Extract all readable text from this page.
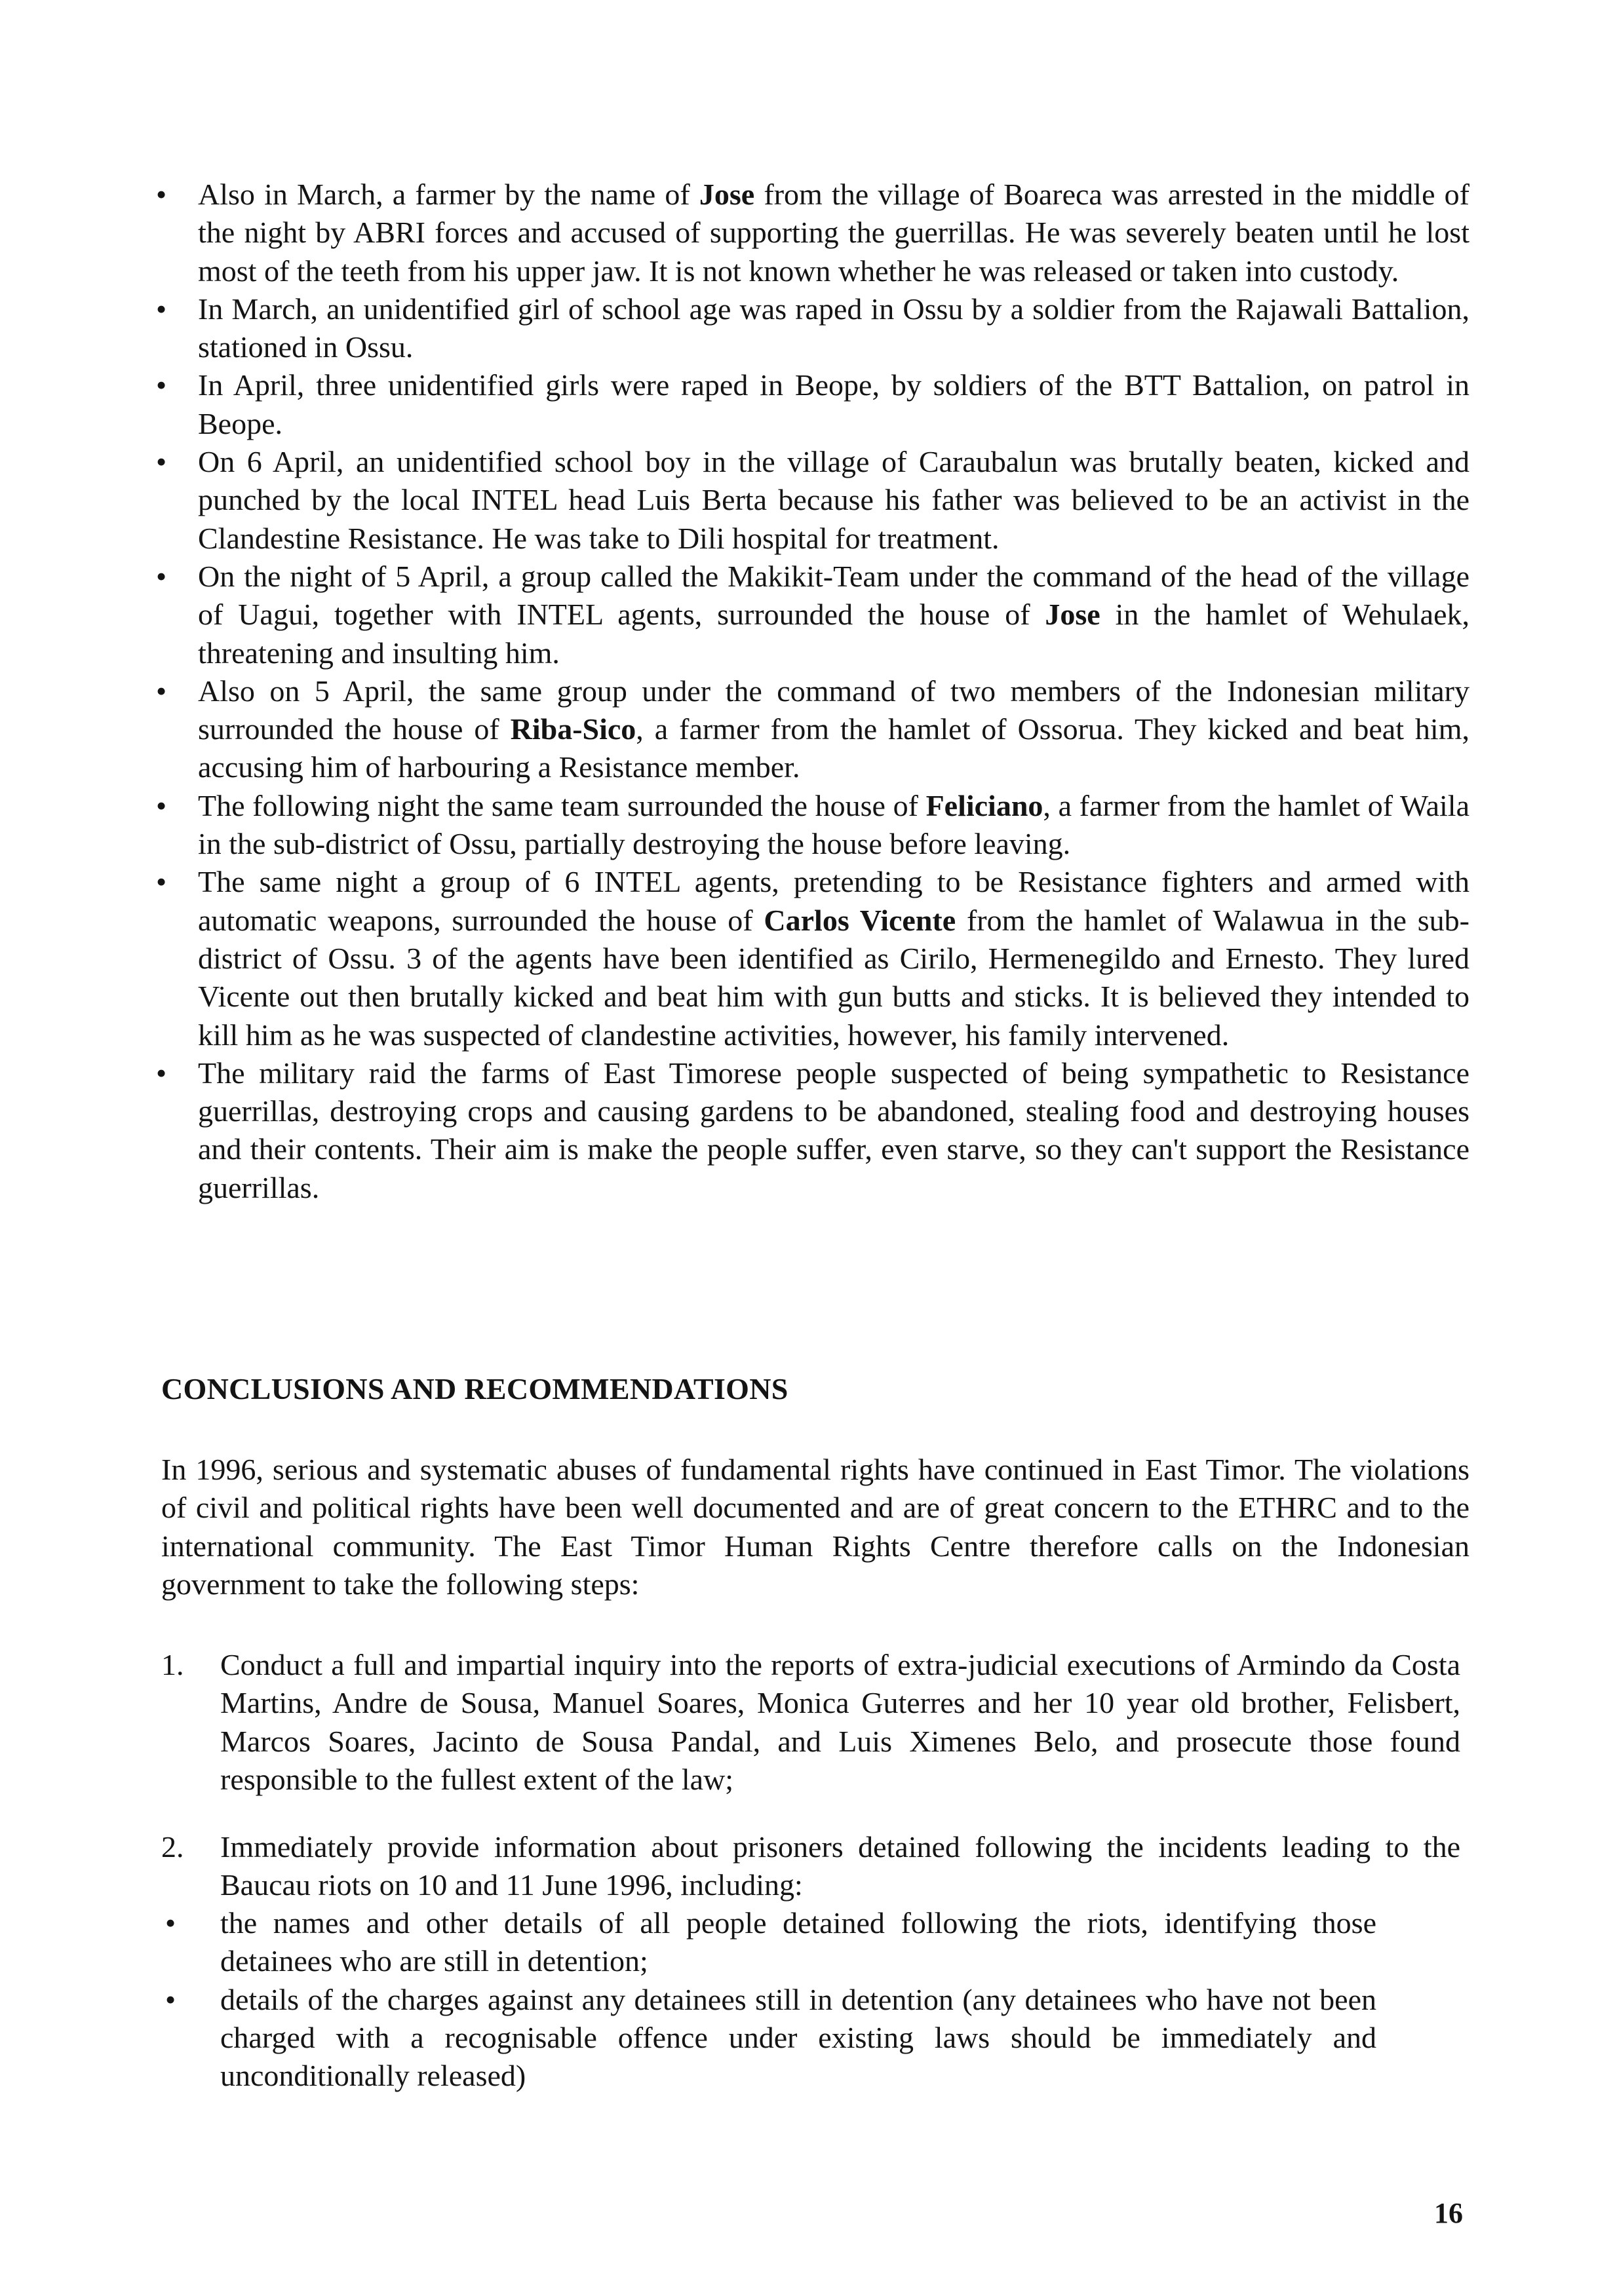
• Also in March, a farmer by the name of Jose from the village of Boareca was arrested in the middle of the night by ABRI forces and accused of supporting the guerrillas. He was severely beaten until he lost most of the teeth from his upper jaw. It is not known whether he was released or taken into custody.
• In March, an unidentified girl of school age was raped in Ossu by a soldier from the Rajawali Battalion, stationed in Ossu.
• In April, three unidentified girls were raped in Beope, by soldiers of the BTT Battalion, on patrol in Beope.
• On 6 April, an unidentified school boy in the village of Caraubalun was brutally beaten, kicked and punched by the local INTEL head Luis Berta because his father was believed to be an activist in the Clandestine Resistance. He was take to Dili hospital for treatment.
• On the night of 5 April, a group called the Makikit-Team under the command of the head of the village of Uagui, together with INTEL agents, surrounded the house of Jose in the hamlet of Wehulaek, threatening and insulting him.
• Also on 5 April, the same group under the command of two members of the Indonesian military surrounded the house of Riba-Sico, a farmer from the hamlet of Ossorua. They kicked and beat him, accusing him of harbouring a Resistance member.
• The following night the same team surrounded the house of Feliciano, a farmer from the hamlet of Waila in the sub-district of Ossu, partially destroying the house before leaving.
• The same night a group of 6 INTEL agents, pretending to be Resistance fighters and armed with automatic weapons, surrounded the house of Carlos Vicente from the hamlet of Walawua in the sub-district of Ossu. 3 of the agents have been identified as Cirilo, Hermenegildo and Ernesto. They lured Vicente out then brutally kicked and beat him with gun butts and sticks. It is believed they intended to kill him as he was suspected of clandestine activities, however, his family intervened.
• The military raid the farms of East Timorese people suspected of being sympathetic to Resistance guerrillas, destroying crops and causing gardens to be abandoned, stealing food and destroying houses and their contents. Their aim is make the people suffer, even starve, so they can't support the Resistance guerrillas.
CONCLUSIONS AND RECOMMENDATIONS

In 1996, serious and systematic abuses of fundamental rights have continued in East Timor. The violations of civil and political rights have been well documented and are of great concern to the ETHRC and to the international community. The East Timor Human Rights Centre therefore calls on the Indonesian government to take the following steps:

1. Conduct a full and impartial inquiry into the reports of extra-judicial executions of Armindo da Costa Martins, Andre de Sousa, Manuel Soares, Monica Guterres and her 10 year old brother, Felisbert, Marcos Soares, Jacinto de Sousa Pandal, and Luis Ximenes Belo, and prosecute those found responsible to the fullest extent of the law;
2. Immediately provide information about prisoners detained following the incidents leading to the Baucau riots on 10 and 11 June 1996, including:
• the names and other details of all people detained following the riots, identifying those detainees who are still in detention;
• details of the charges against any detainees still in detention (any detainees who have not been charged with a recognisable offence under existing laws should be immediately and unconditionally released)
16
